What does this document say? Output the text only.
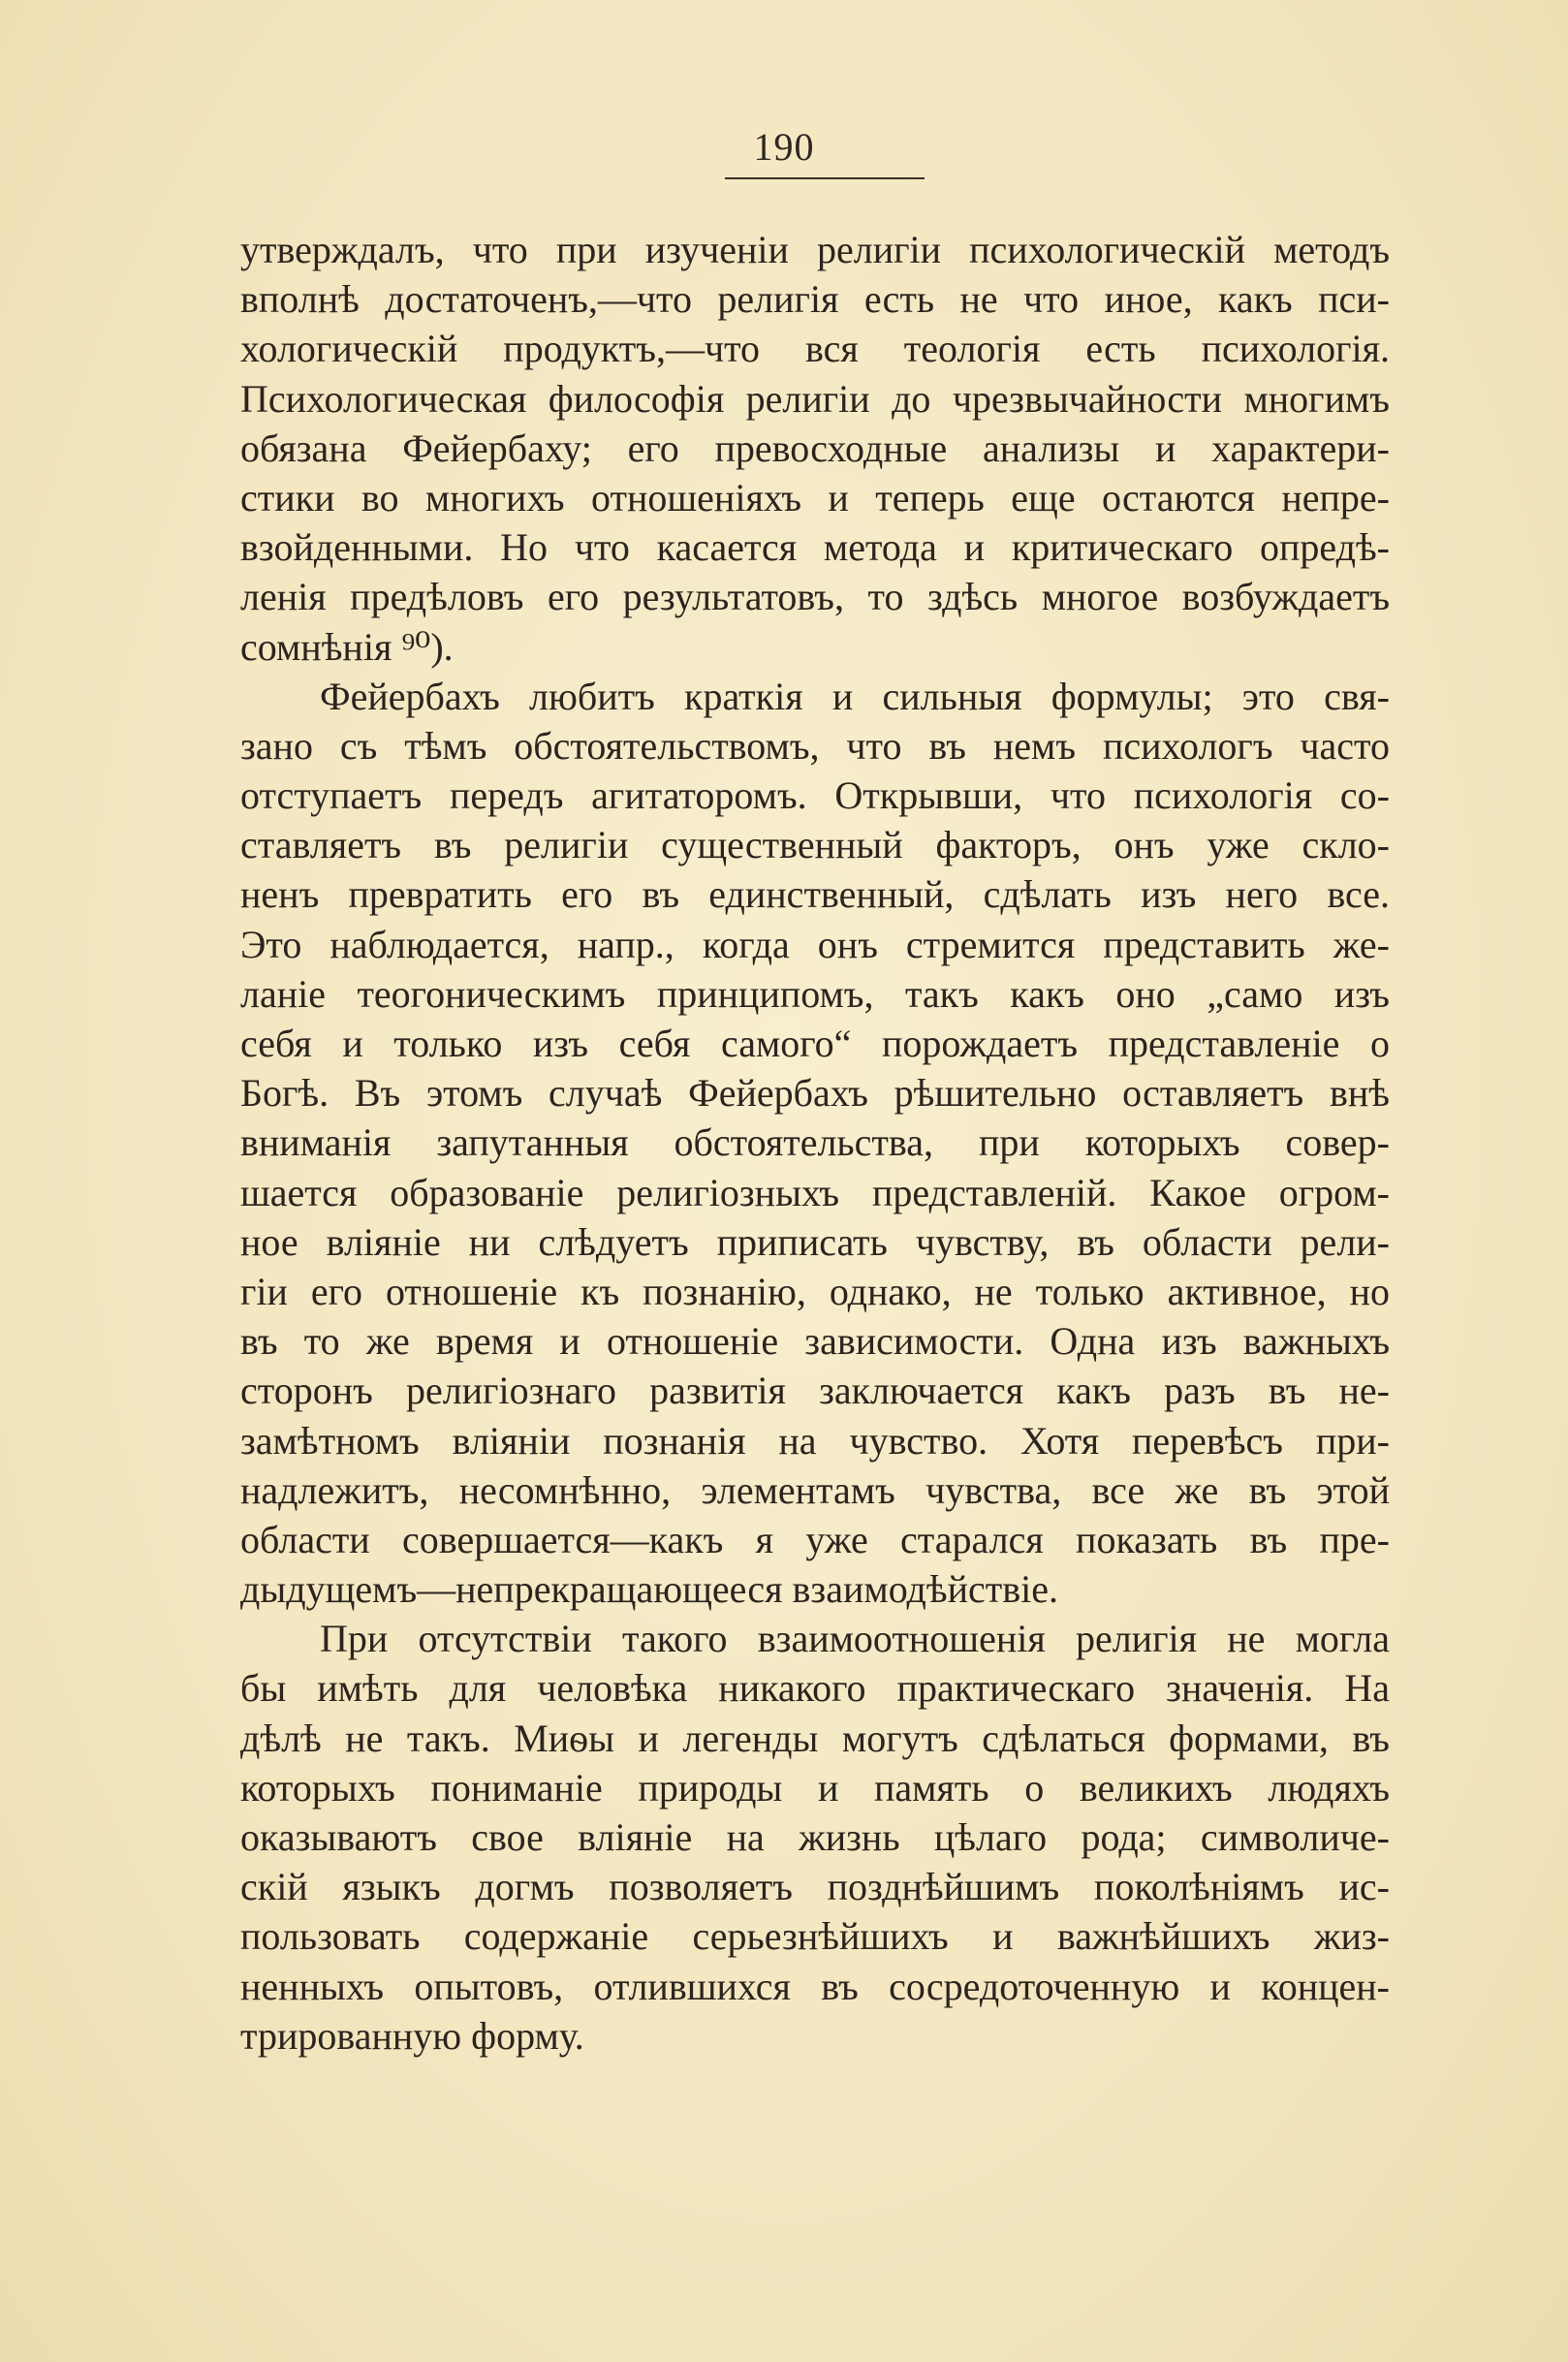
190
утверждалъ, что при изученіи религіи психологическій методъ
вполнѣ достаточенъ,—что религія есть не что иное, какъ пси-
хологическій продуктъ,—что вся теологія есть психологія.
Психологическая философія религіи до чрезвычайности многимъ
обязана Фейербаху; его превосходные анализы и характери-
стики во многихъ отношеніяхъ и теперь еще остаются непре-
взойденными. Но что касается метода и критическаго опредѣ-
ленія предѣловъ его результатовъ, то здѣсь многое возбуждаетъ
сомнѣнія ⁹⁰).
Фейербахъ любитъ краткія и сильныя формулы; это свя-
зано съ тѣмъ обстоятельствомъ, что въ немъ психологъ часто
отступаетъ передъ агитаторомъ. Открывши, что психологія со-
ставляетъ въ религіи существенный факторъ, онъ уже скло-
ненъ превратить его въ единственный, сдѣлать изъ него все.
Это наблюдается, напр., когда онъ стремится представить же-
ланіе теогоническимъ принципомъ, такъ какъ оно „само изъ
себя и только изъ себя самого“ порождаетъ представленіе о
Богѣ. Въ этомъ случаѣ Фейербахъ рѣшительно оставляетъ внѣ
вниманія запутанныя обстоятельства, при которыхъ совер-
шается образованіе религіозныхъ представленій. Какое огром-
ное вліяніе ни слѣдуетъ приписать чувству, въ области рели-
гіи его отношеніе къ познанію, однако, не только активное, но
въ то же время и отношеніе зависимости. Одна изъ важныхъ
сторонъ религіознаго развитія заключается какъ разъ въ не-
замѣтномъ вліяніи познанія на чувство. Хотя перевѣсъ при-
надлежитъ, несомнѣнно, элементамъ чувства, все же въ этой
области совершается—какъ я уже старался показать въ пре-
дыдущемъ—непрекращающееся взаимодѣйствіе.
При отсутствіи такого взаимоотношенія религія не могла
бы имѣть для человѣка никакого практическаго значенія. На
дѣлѣ не такъ. Миѳы и легенды могутъ сдѣлаться формами, въ
которыхъ пониманіе природы и память о великихъ людяхъ
оказываютъ свое вліяніе на жизнь цѣлаго рода; символиче-
скій языкъ догмъ позволяетъ позднѣйшимъ поколѣніямъ ис-
пользовать содержаніе серьезнѣйшихъ и важнѣйшихъ жиз-
ненныхъ опытовъ, отлившихся въ сосредоточенную и концен-
трированную форму.
